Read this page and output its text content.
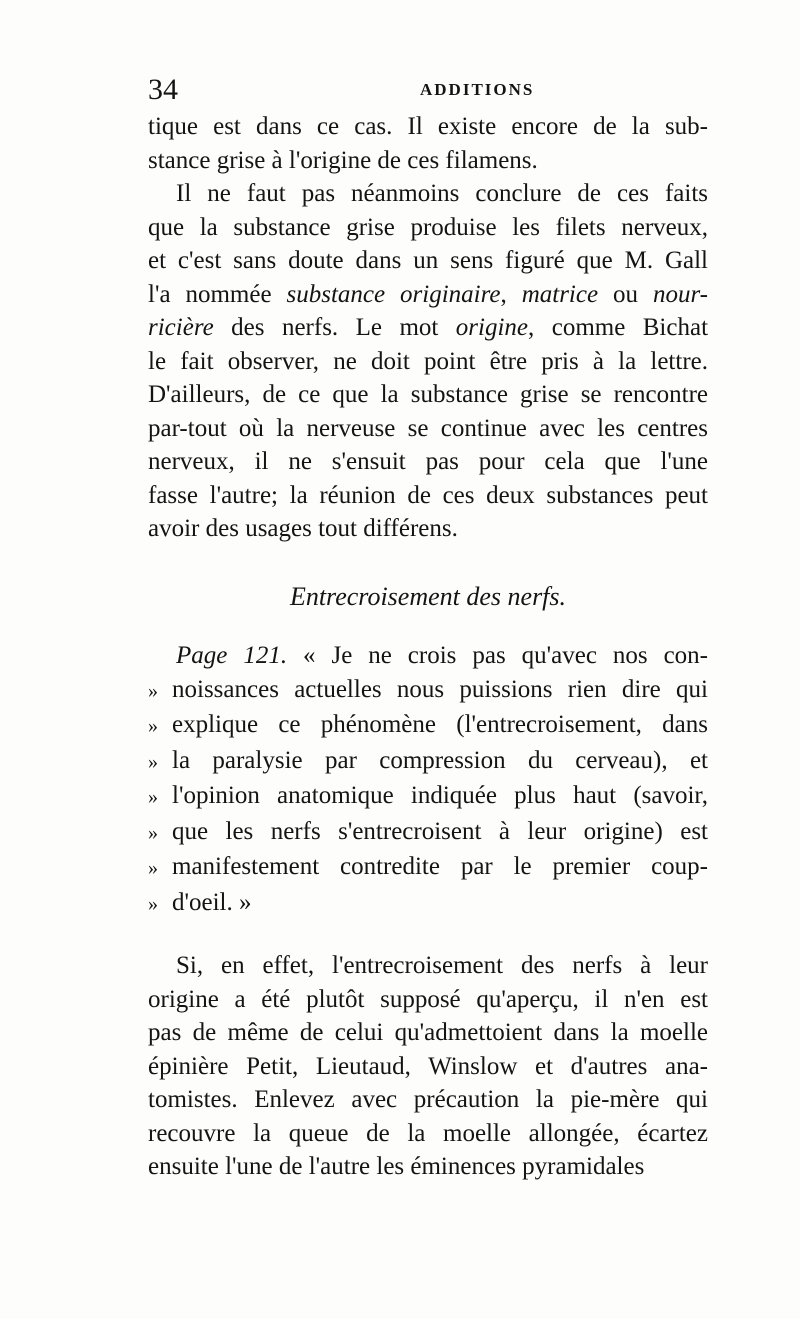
34	ADDITIONS
tique est dans ce cas. Il existe encore de la sub-
stance grise à l'origine de ces filamens.
Il ne faut pas néanmoins conclure de ces faits
que la substance grise produise les filets nerveux,
et c'est sans doute dans un sens figuré que M. Gall
l'a nommée substance originaire, matrice ou nour-
ricière des nerfs. Le mot origine, comme Bichat
le fait observer, ne doit point être pris à la lettre.
D'ailleurs, de ce que la substance grise se rencontre
par-tout où la nerveuse se continue avec les centres
nerveux, il ne s'ensuit pas pour cela que l'une
fasse l'autre; la réunion de ces deux substances peut
avoir des usages tout différens.
Entrecroisement des nerfs.
Page 121. « Je ne crois pas qu'avec nos con-
» noissances actuelles nous puissions rien dire qui
» explique ce phénomène (l'entrecroisement, dans
» la paralysie par compression du cerveau), et
» l'opinion anatomique indiquée plus haut (savoir,
» que les nerfs s'entrecroisent à leur origine) est
» manifestement contredite par le premier coup-
» d'oeil. »
Si, en effet, l'entrecroisement des nerfs à leur
origine a été plutôt supposé qu'aperçu, il n'en est
pas de même de celui qu'admettoient dans la moelle
épinière Petit, Lieutaud, Winslow et d'autres ana-
tomistes. Enlevez avec précaution la pie-mère qui
recouvre la queue de la moelle allongée, écartez
ensuite l'une de l'autre les éminences pyramidales
